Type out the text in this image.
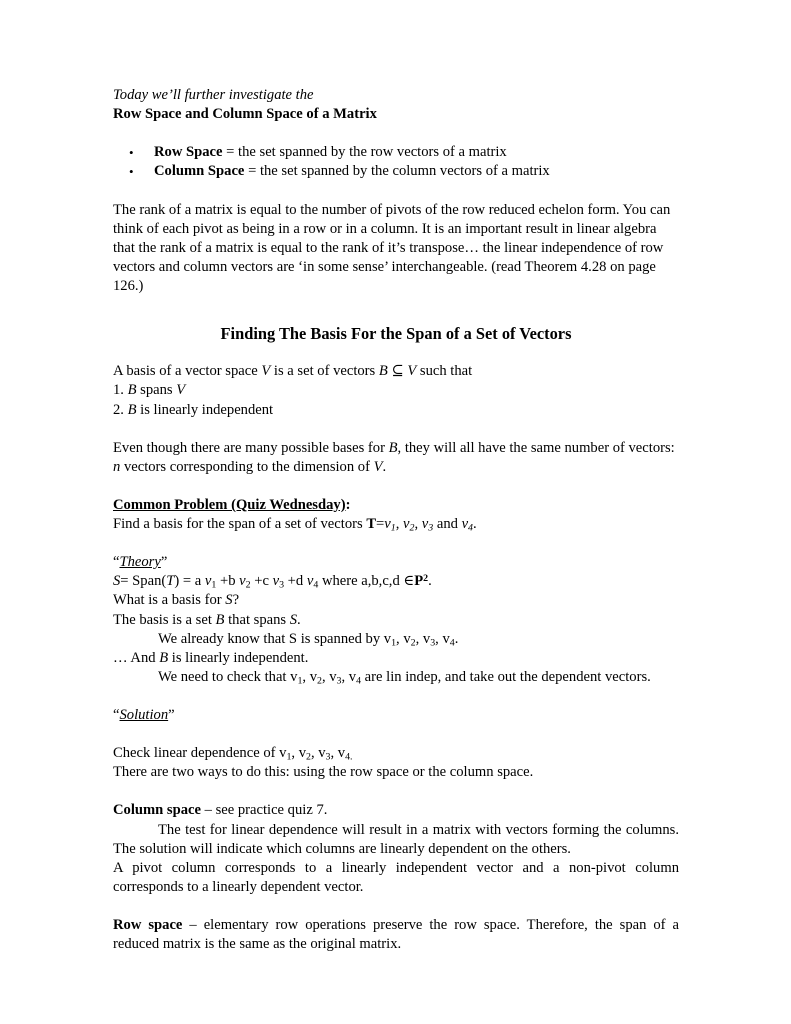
Today we’ll further investigate the

Row Space and Column Space of a Matrix

• Row Space = the set spanned by the row vectors of a matrix
• Column Space = the set spanned by the column vectors of a matrix

The rank of a matrix is equal to the number of pivots of the row reduced echelon form. You can think of each pivot as being in a row or in a column. It is an important result in linear algebra that the rank of a matrix is equal to the rank of it’s transpose… the linear independence of row vectors and column vectors are ‘in some sense’ interchangeable. (read Theorem 4.28 on page 126.)

Finding The Basis For the Span of a Set of Vectors

A basis of a vector space V is a set of vectors B ⊆ V such that

1. B spans V

2. B is linearly independent

Even though there are many possible bases for B, they will all have the same number of vectors: n vectors corresponding to the dimension of V.

Common Problem (Quiz Wednesday):

Find a basis for the span of a set of vectors $T=v_1$, $v_2$, $v_3$ and $v_4$.

“Theory”

S= Span(T) = a $v_1 +b$ $v_2 +c$ $v_3 +d$ $v_4$ where a,b,c,d $\in P^2$.

What is a basis for S?

The basis is a set B that spans S.

We already know that S is spanned by $v_1$, $v_2$, $v_3$, $v_4$.

… And B is linearly independent.

We need to check that $v_1$, $v_2$, $v_3$, $v_4$ are lin indep, and take out the dependent vectors.

“Solution”

Check linear dependence of $v_1$, $v_2$, $v_3$, $v_{4.}$

There are two ways to do this: using the row space or the column space.

Column space – see practice quiz 7.

The test for linear dependence will result in a matrix with vectors forming the columns. The solution will indicate which columns are linearly dependent on the others.

A pivot column corresponds to a linearly independent vector and a non-pivot column corresponds to a linearly dependent vector.

Row space – elementary row operations preserve the row space. Therefore, the span of a reduced matrix is the same as the original matrix.
